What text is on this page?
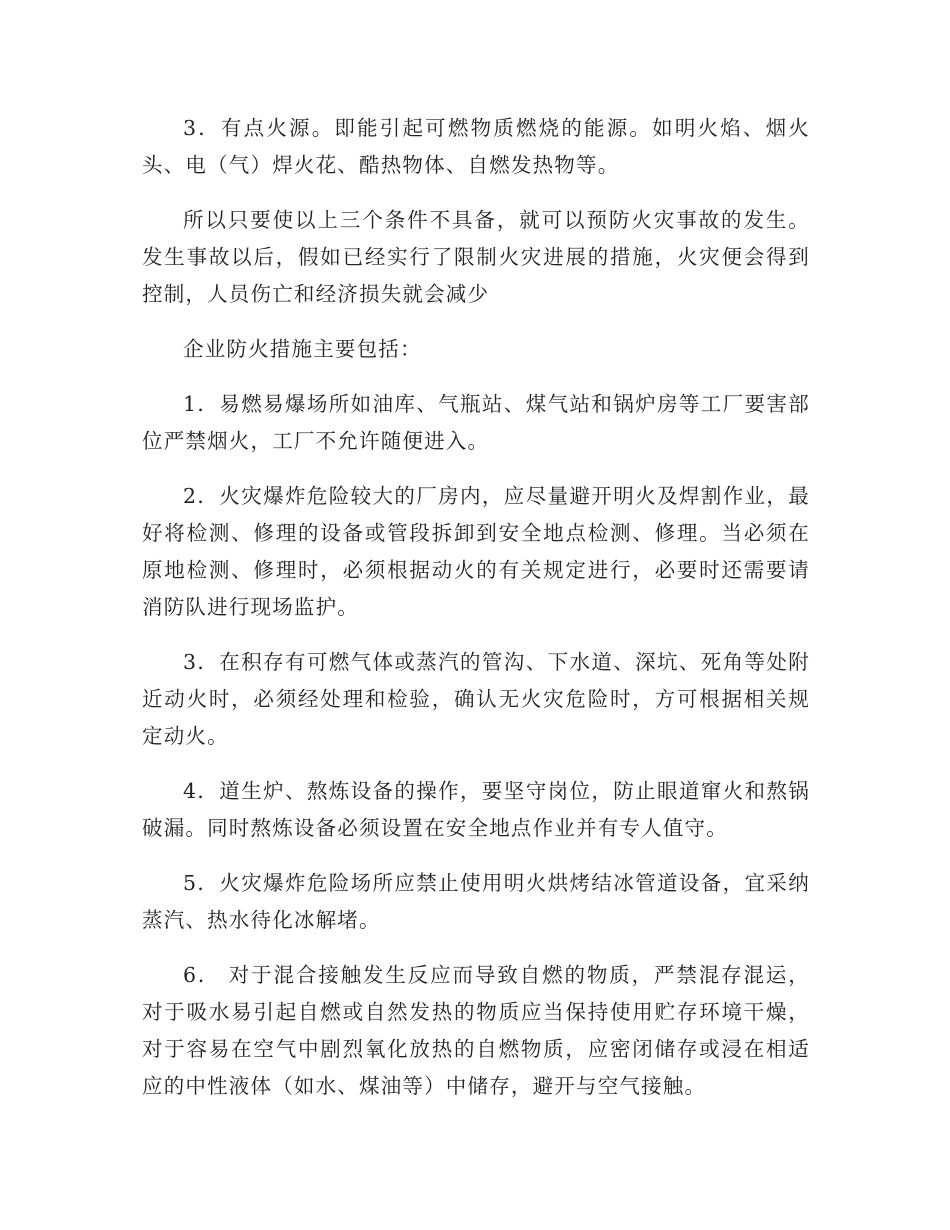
3．有点火源。即能引起可燃物质燃烧的能源。如明火焰、烟火头、电（气）焊火花、酷热物体、自燃发热物等。

所以只要使以上三个条件不具备，就可以预防火灾事故的发生。发生事故以后，假如已经实行了限制火灾进展的措施，火灾便会得到控制，人员伤亡和经济损失就会减少

企业防火措施主要包括：

1．易燃易爆场所如油库、气瓶站、煤气站和锅炉房等工厂要害部位严禁烟火，工厂不允许随便进入。

2．火灾爆炸危险较大的厂房内，应尽量避开明火及焊割作业，最好将检测、修理的设备或管段拆卸到安全地点检测、修理。当必须在原地检测、修理时，必须根据动火的有关规定进行，必要时还需要请消防队进行现场监护。

3．在积存有可燃气体或蒸汽的管沟、下水道、深坑、死角等处附近动火时，必须经处理和检验，确认无火灾危险时，方可根据相关规定动火。

4．道生炉、熬炼设备的操作，要坚守岗位，防止眼道窜火和熬锅破漏。同时熬炼设备必须设置在安全地点作业并有专人值守。

5．火灾爆炸危险场所应禁止使用明火烘烤结冰管道设备，宜采纳蒸汽、热水待化冰解堵。

6． 对于混合接触发生反应而导致自燃的物质，严禁混存混运，对于吸水易引起自燃或自然发热的物质应当保持使用贮存环境干燥，对于容易在空气中剧烈氧化放热的自燃物质，应密闭储存或浸在相适应的中性液体（如水、煤油等）中储存，避开与空气接触。
